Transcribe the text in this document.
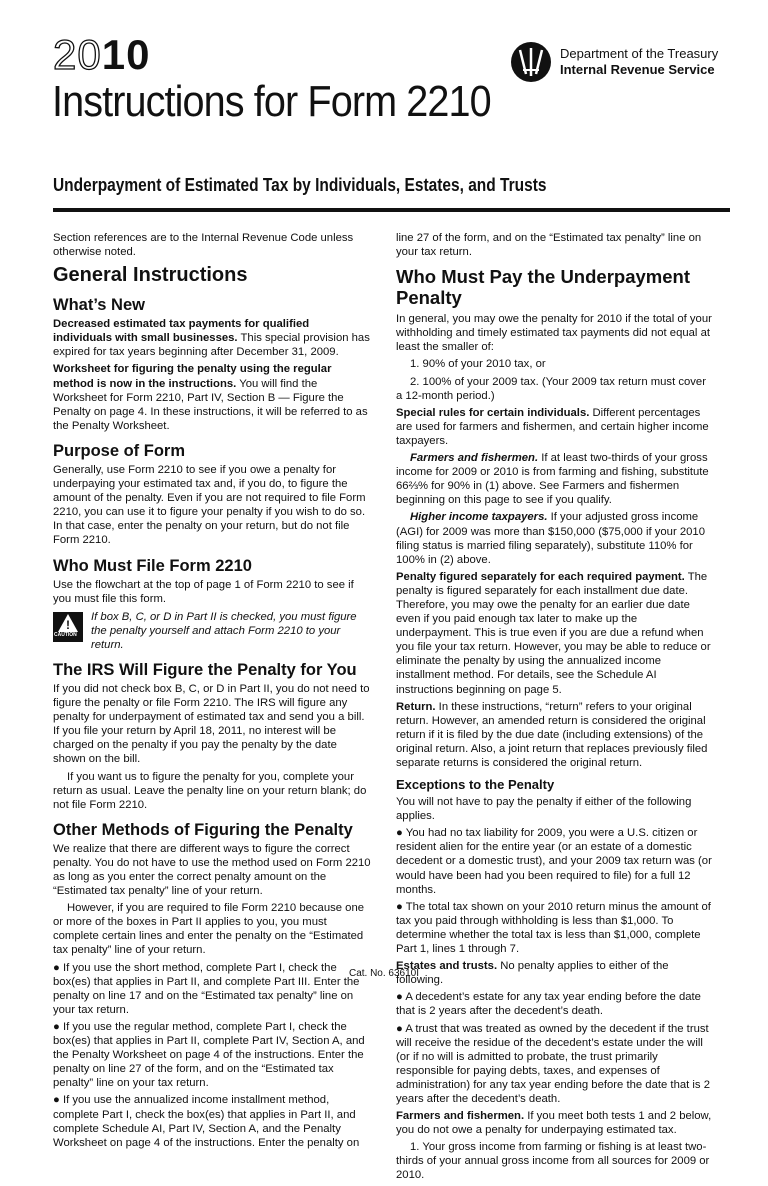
2010
Instructions for Form 2210
Department of the Treasury
Internal Revenue Service
Underpayment of Estimated Tax by Individuals, Estates, and Trusts

Section references are to the Internal Revenue Code unless otherwise noted.

General Instructions
What’s New

Decreased estimated tax payments for qualified individuals with small businesses. This special provision has expired for tax years beginning after December 31, 2009.

Worksheet for figuring the penalty using the regular method is now in the instructions. You will find the Worksheet for Form 2210, Part IV, Section B — Figure the Penalty on page 4. In these instructions, it will be referred to as the Penalty Worksheet.

Purpose of Form

Generally, use Form 2210 to see if you owe a penalty for underpaying your estimated tax and, if you do, to figure the amount of the penalty. Even if you are not required to file Form 2210, you can use it to figure your penalty if you wish to do so. In that case, enter the penalty on your return, but do not file Form 2210.

Who Must File Form 2210

Use the flowchart at the top of page 1 of Form 2210 to see if you must file this form.

!
CAUTION
If box B, C, or D in Part II is checked, you must figure the penalty yourself and attach Form 2210 to your return.
The IRS Will Figure the Penalty for You

If you did not check box B, C, or D in Part II, you do not need to figure the penalty or file Form 2210. The IRS will figure any penalty for underpayment of estimated tax and send you a bill. If you file your return by April 18, 2011, no interest will be charged on the penalty if you pay the penalty by the date shown on the bill.

If you want us to figure the penalty for you, complete your return as usual. Leave the penalty line on your return blank; do not file Form 2210.

Other Methods of Figuring the Penalty

We realize that there are different ways to figure the correct penalty. You do not have to use the method used on Form 2210 as long as you enter the correct penalty amount on the “Estimated tax penalty” line of your return.

However, if you are required to file Form 2210 because one or more of the boxes in Part II applies to you, you must complete certain lines and enter the penalty on the “Estimated tax penalty” line of your return.

● If you use the short method, complete Part I, check the box(es) that applies in Part II, and complete Part III. Enter the penalty on line 17 and on the “Estimated tax penalty” line on your tax return.

● If you use the regular method, complete Part I, check the box(es) that applies in Part II, complete Part IV, Section A, and the Penalty Worksheet on page 4 of the instructions. Enter the penalty on line 27 of the form, and on the “Estimated tax penalty” line on your tax return.

● If you use the annualized income installment method, complete Part I, check the box(es) that applies in Part II, and complete Schedule AI, Part IV, Section A, and the Penalty Worksheet on page 4 of the instructions. Enter the penalty on

line 27 of the form, and on the “Estimated tax penalty” line on your tax return.

Who Must Pay the Underpayment Penalty

In general, you may owe the penalty for 2010 if the total of your withholding and timely estimated tax payments did not equal at least the smaller of:

1. 90% of your 2010 tax, or

2. 100% of your 2009 tax. (Your 2009 tax return must cover a 12-month period.)

Special rules for certain individuals. Different percentages are used for farmers and fishermen, and certain higher income taxpayers.

Farmers and fishermen. If at least two-thirds of your gross income for 2009 or 2010 is from farming and fishing, substitute 66⅔% for 90% in (1) above. See Farmers and fishermen beginning on this page to see if you qualify.

Higher income taxpayers. If your adjusted gross income (AGI) for 2009 was more than $150,000 ($75,000 if your 2010 filing status is married filing separately), substitute 110% for 100% in (2) above.

Penalty figured separately for each required payment. The penalty is figured separately for each installment due date. Therefore, you may owe the penalty for an earlier due date even if you paid enough tax later to make up the underpayment. This is true even if you are due a refund when you file your tax return. However, you may be able to reduce or eliminate the penalty by using the annualized income installment method. For details, see the Schedule AI instructions beginning on page 5.

Return. In these instructions, “return” refers to your original return. However, an amended return is considered the original return if it is filed by the due date (including extensions) of the original return. Also, a joint return that replaces previously filed separate returns is considered the original return.

Exceptions to the Penalty

You will not have to pay the penalty if either of the following applies.

● You had no tax liability for 2009, you were a U.S. citizen or resident alien for the entire year (or an estate of a domestic decedent or a domestic trust), and your 2009 tax return was (or would have been had you been required to file) for a full 12 months.

● The total tax shown on your 2010 return minus the amount of tax you paid through withholding is less than $1,000. To determine whether the total tax is less than $1,000, complete Part 1, lines 1 through 7.

Estates and trusts. No penalty applies to either of the following.

● A decedent’s estate for any tax year ending before the date that is 2 years after the decedent’s death.

● A trust that was treated as owned by the decedent if the trust will receive the residue of the decedent’s estate under the will (or if no will is admitted to probate, the trust primarily responsible for paying debts, taxes, and expenses of administration) for any tax year ending before the date that is 2 years after the decedent’s death.

Farmers and fishermen. If you meet both tests 1 and 2 below, you do not owe a penalty for underpaying estimated tax.

1. Your gross income from farming or fishing is at least two-thirds of your annual gross income from all sources for 2009 or 2010.

Cat. No. 63610I
